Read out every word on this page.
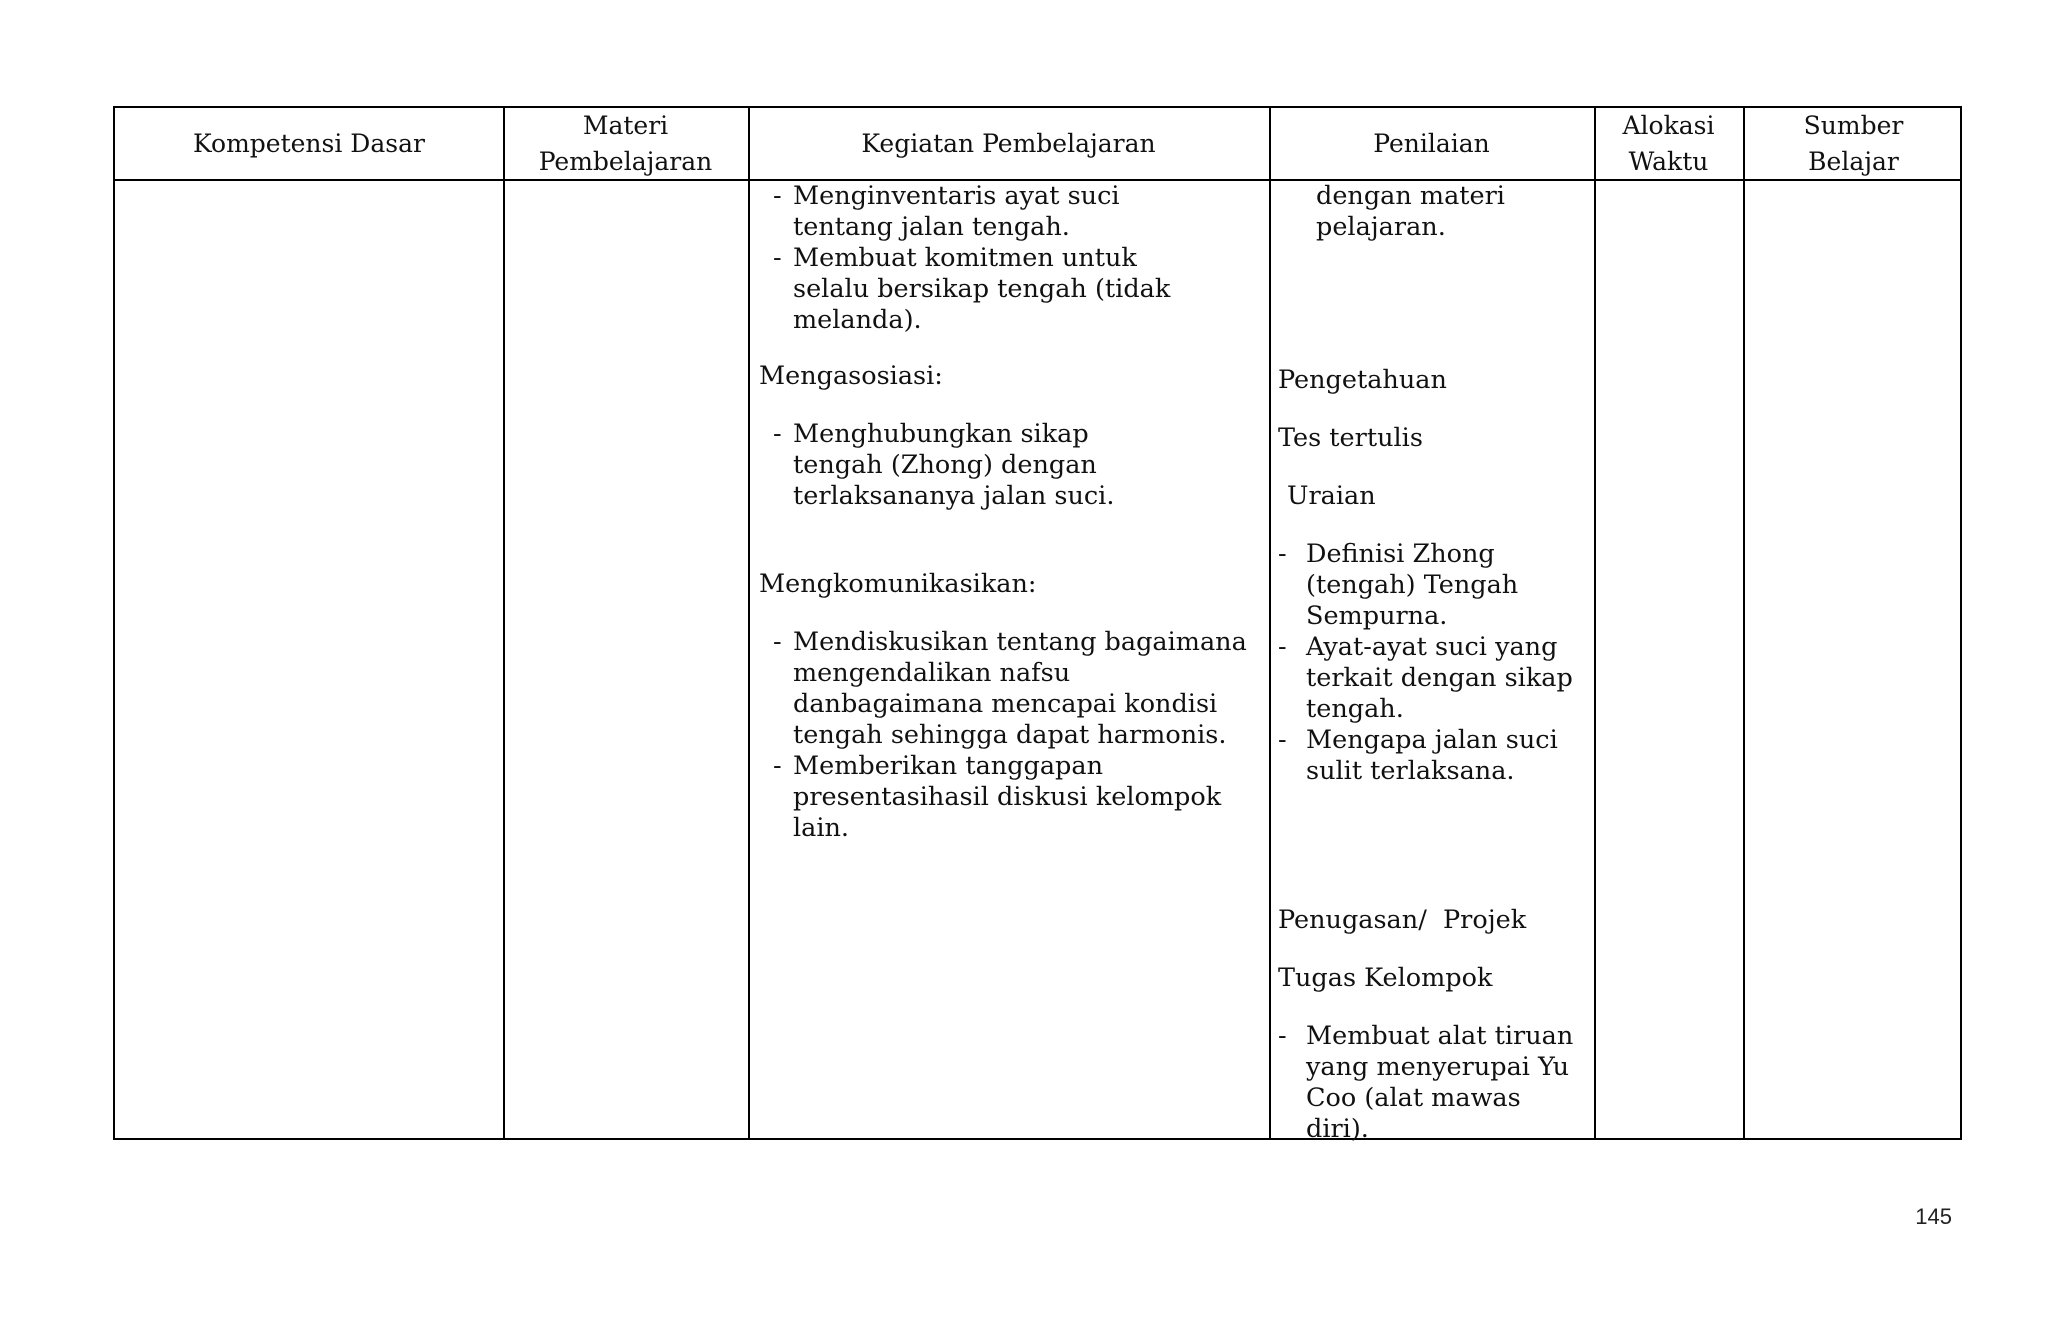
Kompetensi Dasar
Materi
Pembelajaran
Kegiatan Pembelajaran	Penilaian
Alokasi
Waktu
Sumber
Belajar
- Menginventaris ayat suci tentang jalan tengah.
- Membuat komitmen untuk selalu bersikap tengah (tidak melanda).
Mengasosiasi:
- Menghubungkan sikap tengah (Zhong) dengan terlaksananya jalan suci.
Mengkomunikasikan:
- Mendiskusikan tentang bagaimana mengendalikan nafsu danbagaimana mencapai kondisi tengah sehingga dapat harmonis.
- Memberikan tanggapan presentasihasil diskusi kelompok lain.
dengan materi pelajaran.
Pengetahuan
Tes tertulis
Uraian
- Definisi Zhong (tengah) Tengah Sempurna.
- Ayat-ayat suci yang terkait dengan sikap tengah.
- Mengapa jalan suci sulit terlaksana.
Penugasan/  Projek
Tugas Kelompok
- Membuat alat tiruan yang menyerupai Yu Coo (alat mawas diri).
145
